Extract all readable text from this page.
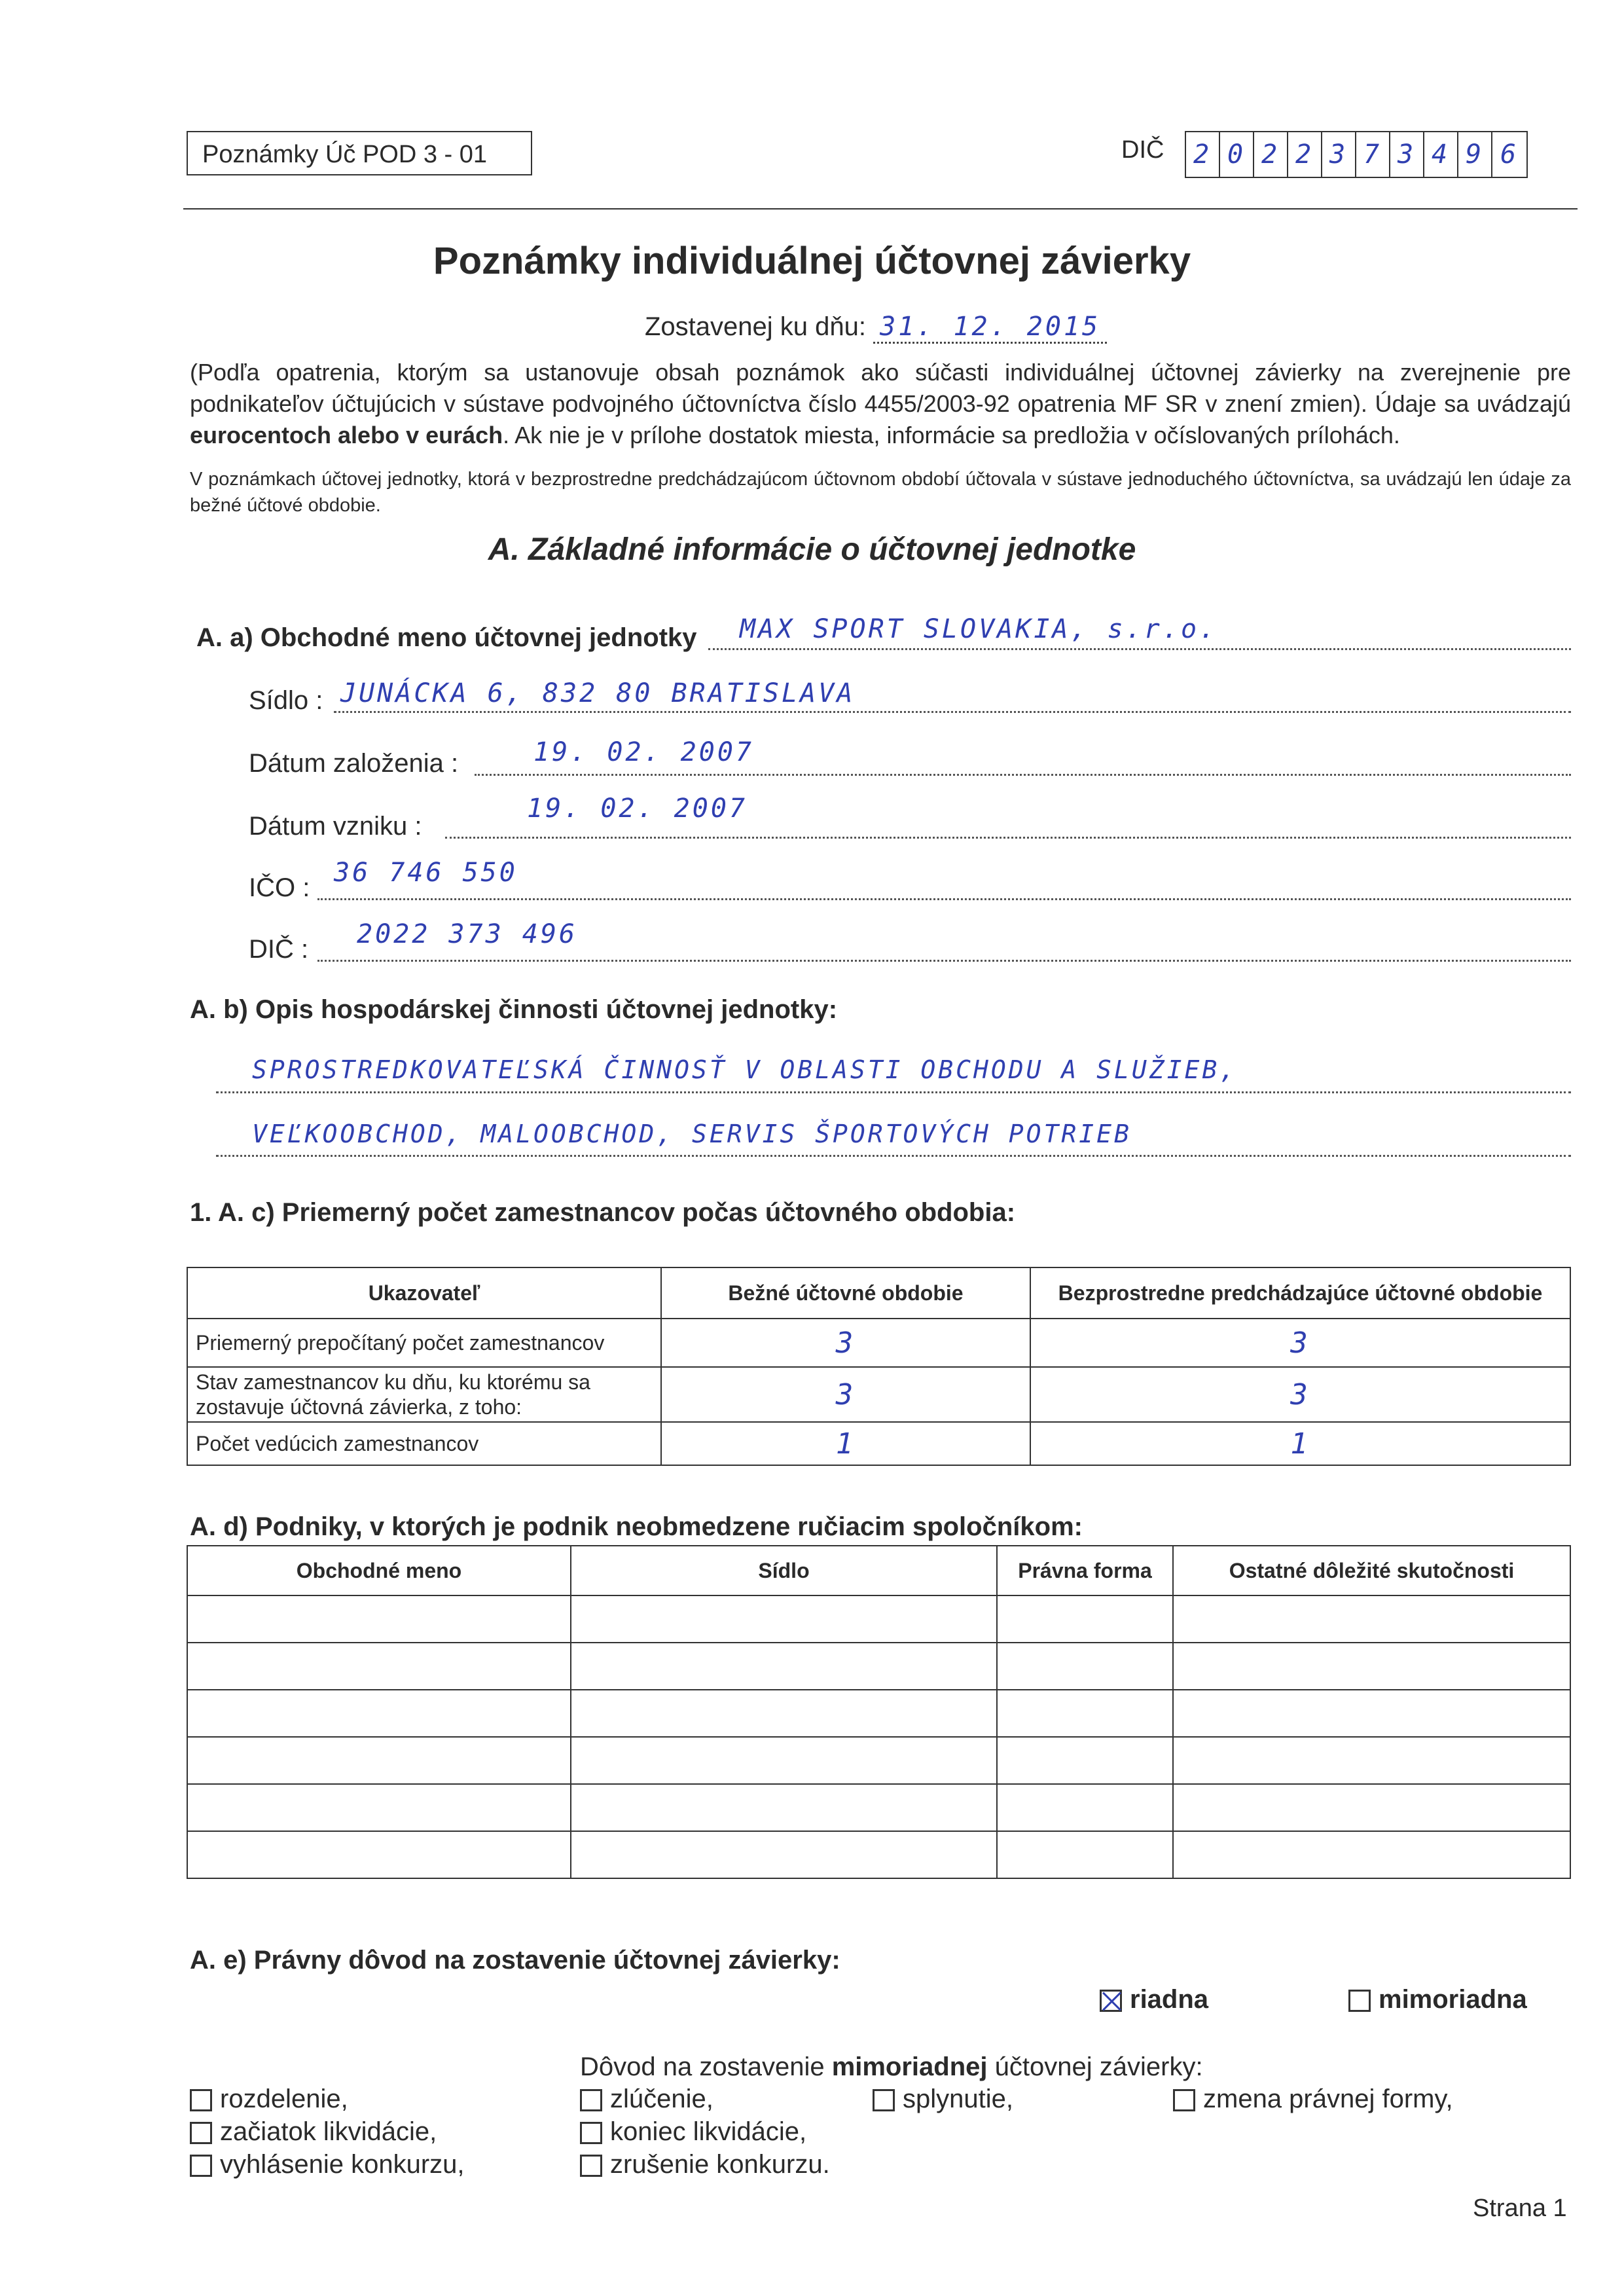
Poznámky Úč POD 3 - 01	DIČ 2 0 2 2 3 7 3 4 9 6
Poznámky individuálnej účtovnej závierky
Zostavenej ku dňu: 31. 12. 2015
(Podľa opatrenia, ktorým sa ustanovuje obsah poznámok ako súčasti individuálnej účtovnej závierky na zverejnenie pre podnikateľov účtujúcich v sústave podvojného účtovníctva číslo 4455/2003-92 opatrenia MF SR v znení zmien). Údaje sa uvádzajú eurocentoch alebo v eurách. Ak nie je v prílohe dostatok miesta, informácie sa predložia v očíslovaných prílohách.
V poznámkach účtovej jednotky, ktorá v bezprostredne predchádzajúcom účtovnom období účtovala v sústave jednoduchého účtovníctva, sa uvádzajú len údaje za bežné účtové obdobie.
A. Základné informácie o účtovnej jednotke
A. a) Obchodné meno účtovnej jednotky MAX SPORT SLOVAKIA, s.r.o.
Sídlo : JUNÁCKA 6, 832 80 BRATISLAVA
Dátum založenia :	19. 02. 2007
Dátum vzniku :
19. 02. 2007
IČO : 36 746 550
DIČ : 2022 373 496
A. b) Opis hospodárskej činnosti účtovnej jednotky:
SPROSTREDKOVATEĽSKÁ ČINNOSŤ V OBLASTI OBCHODU A SLUŽIEB,
VEĽKOOBCHOD, MALOOBCHOD, SERVIS ŠPORTOVÝCH POTRIEB
1. A. c) Priemerný počet zamestnancov počas účtovného obdobia:
Ukazovateľ	Bežné účtovné obdobie	Bezprostredne predchádzajúce účtovné obdobie
Priemerný prepočítaný počet zamestnancov	3	3
Stav zamestnancov ku dňu, ku ktorému sa zostavuje účtovná závierka, z toho:	3	3
Počet vedúcich zamestnancov	1	1
A. d) Podniky, v ktorých je podnik neobmedzene ručiacim spoločníkom:
Obchodné meno	Sídlo	Právna forma	Ostatné dôležité skutočnosti

A. e) Právny dôvod na zostavenie účtovnej závierky:
riadna	mimoriadna
Dôvod na zostavenie mimoriadnej účtovnej závierky:
rozdelenie,
začiatok likvidácie,
vyhlásenie konkurzu,
zlúčenie,
koniec likvidácie,
zrušenie konkurzu.
splynutie,	zmena právnej formy,
Strana 1
